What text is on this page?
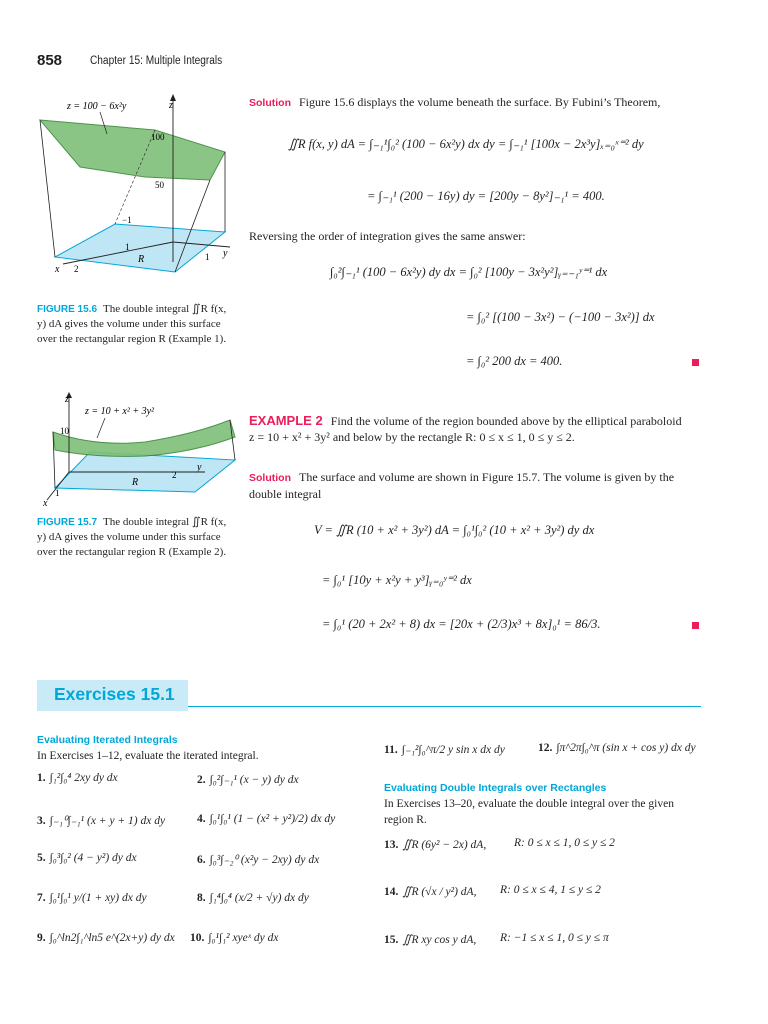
858 Chapter 15: Multiple Integrals
z = 100 − 6x²y	z
100
50
−1
1
R	1 y
2
x
FIGURE 15.6 The double integral ∬R f(x, y) dA gives the volume under this surface over the rectangular region R (Example 1).
z
z = 10 + x² + 3y²
10
R
2
y
1
x
FIGURE 15.7 The double integral ∬R f(x, y) dA gives the volume under this surface over the rectangular region R (Example 2).
Solution Figure 15.6 displays the volume beneath the surface. By Fubini’s Theorem,
∬R f(x, y) dA = ∫₋₁¹∫₀² (100 − 6x²y) dx dy = ∫₋₁¹ [100x − 2x³y]ₓ₌₀ˣ⁼² dy
= ∫₋₁¹ (200 − 16y) dy = [200y − 8y²]₋₁¹ = 400.
Reversing the order of integration gives the same answer:
∫₀²∫₋₁¹ (100 − 6x²y) dy dx = ∫₀² [100y − 3x²y²]ᵧ₌₋₁ʸ⁼¹ dx
= ∫₀² [(100 − 3x²) − (−100 − 3x²)] dx
= ∫₀² 200 dx = 400.
EXAMPLE 2 Find the volume of the region bounded above by the elliptical paraboloid
z = 10 + x² + 3y² and below by the rectangle R: 0 ≤ x ≤ 1, 0 ≤ y ≤ 2.
Solution The surface and volume are shown in Figure 15.7. The volume is given by the double integral
V = ∬R (10 + x² + 3y²) dA = ∫₀¹∫₀² (10 + x² + 3y²) dy dx
= ∫₀¹ [10y + x²y + y³]ᵧ₌₀ʸ⁼² dx
= ∫₀¹ (20 + 2x² + 8) dx = [20x + (2/3)x³ + 8x]₀¹ = 86/3.
Exercises 15.1
Evaluating Iterated Integrals
In Exercises 1–12, evaluate the iterated integral.
1. ∫₁²∫₀⁴ 2xy dy dx	2. ∫₀²∫₋₁¹ (x − y) dy dx
3. ∫₋₁⁰∫₋₁¹ (x + y + 1) dx dy	4. ∫₀¹∫₀¹ (1 − (x² + y²)/2) dx dy
5. ∫₀³∫₀² (4 − y²) dy dx	6. ∫₀³∫₋₂⁰ (x²y − 2xy) dy dx
7. ∫₀¹∫₀¹ y/(1 + xy) dx dy	8. ∫₁⁴∫₀⁴ (x/2 + √y) dx dy
9. ∫₀^ln2∫₁^ln5 e^(2x+y) dy dx 10. ∫₀¹∫₁² xyeˣ dy dx
11. ∫₋₁²∫₀^π/2 y sin x dx dy	12. ∫π^2π∫₀^π (sin x + cos y) dx dy
Evaluating Double Integrals over Rectangles
In Exercises 13–20, evaluate the double integral over the given region R.
13. ∬R (6y² − 2x) dA, R: 0 ≤ x ≤ 1, 0 ≤ y ≤ 2
14. ∬R (√x / y²) dA, R: 0 ≤ x ≤ 4, 1 ≤ y ≤ 2
15. ∬R xy cos y dA, R: −1 ≤ x ≤ 1, 0 ≤ y ≤ π
